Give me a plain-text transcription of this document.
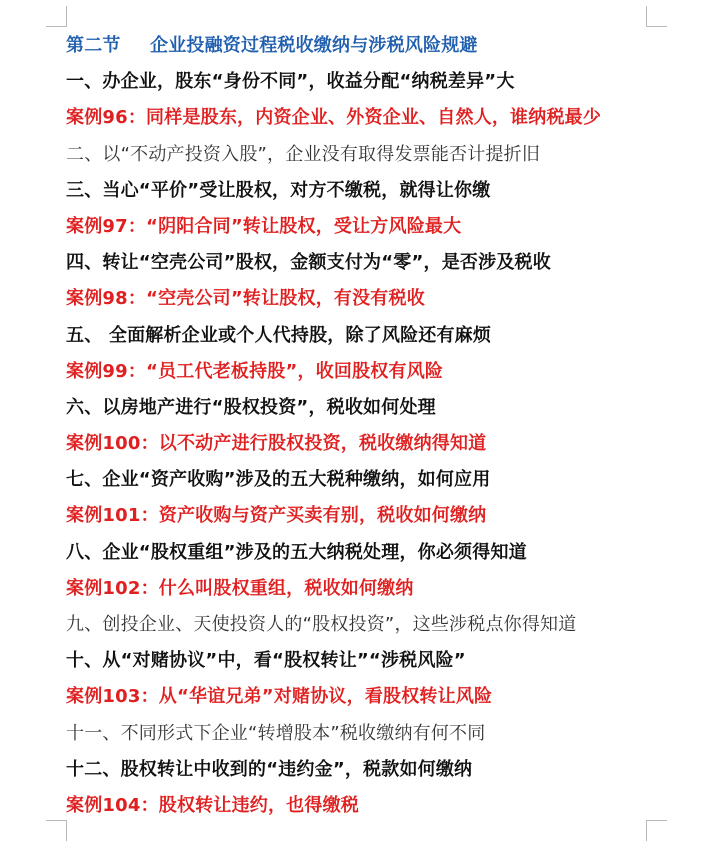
第二节 企业投融资过程税收缴纳与涉税风险规避
一、办企业，股东“身份不同”，收益分配“纳税差异”大
案例96：同样是股东，内资企业、外资企业、自然人，谁纳税最少
二、以“不动产投资入股”，企业没有取得发票能否计提折旧
三、当心“平价”受让股权，对方不缴税，就得让你缴
案例97：“阴阳合同”转让股权，受让方风险最大
四、转让“空壳公司”股权，金额支付为“零”，是否涉及税收
案例98：“空壳公司”转让股权，有没有税收
五、 全面解析企业或个人代持股，除了风险还有麻烦
案例99：“员工代老板持股”，收回股权有风险
六、以房地产进行“股权投资”，税收如何处理
案例100：以不动产进行股权投资，税收缴纳得知道
七、企业“资产收购”涉及的五大税种缴纳，如何应用
案例101：资产收购与资产买卖有别，税收如何缴纳
八、企业“股权重组”涉及的五大纳税处理，你必须得知道
案例102：什么叫股权重组，税收如何缴纳
九、创投企业、天使投资人的“股权投资”，这些涉税点你得知道
十、从“对赌协议”中，看“股权转让”“涉税风险”
案例103：从“华谊兄弟”对赌协议，看股权转让风险
十一、不同形式下企业“转增股本”税收缴纳有何不同
十二、股权转让中收到的“违约金”，税款如何缴纳
案例104：股权转让违约，也得缴税
